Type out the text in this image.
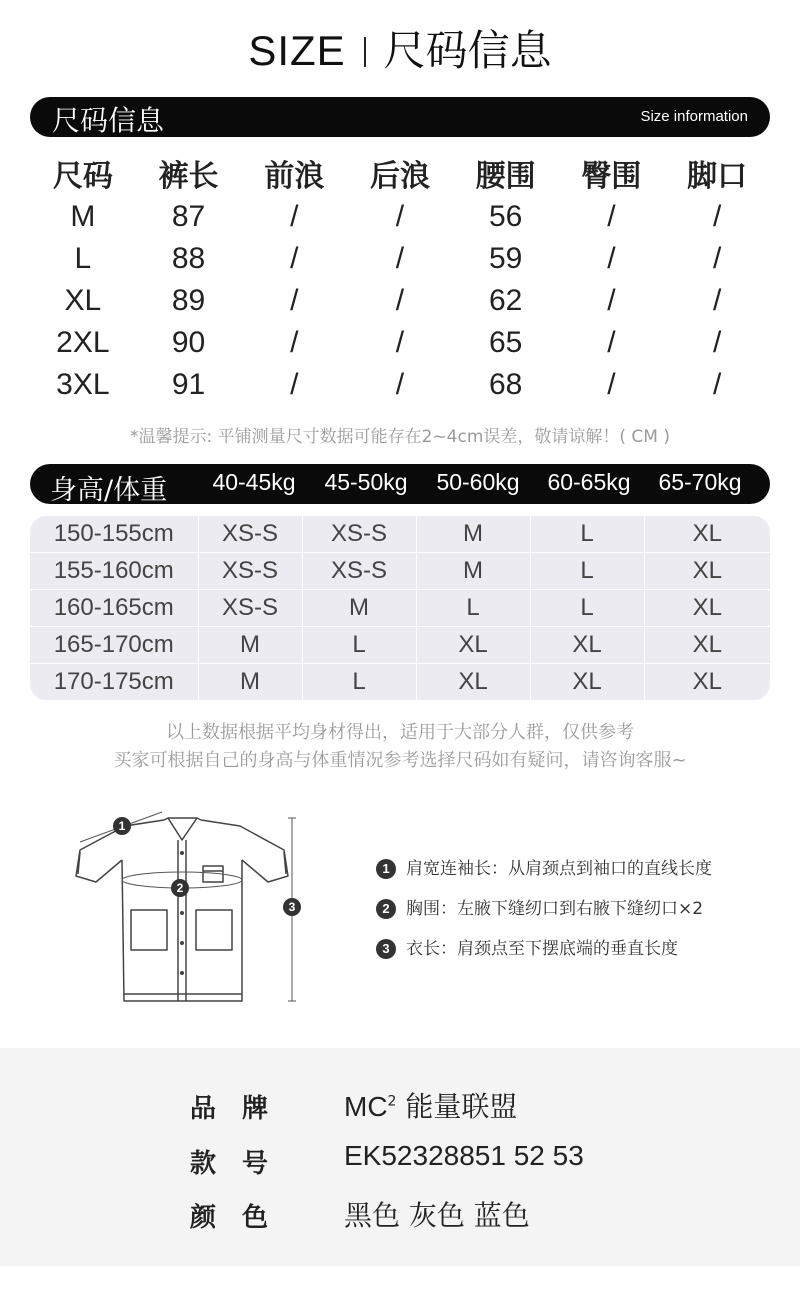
SIZE 尺码信息
尺码信息	Size information
尺码	裤长	前浪	后浪	腰围	臀围	脚口
M	87	/	/	56	/	/
L	88	/	/	59	/	/
XL	89	/	/	62	/	/
2XL	90	/	/	65	/	/
3XL	91	/	/	68	/	/
*温馨提示: 平铺测量尺寸数据可能存在2~4cm误差，敬请谅解！( CM )
身高/体重	40-45kg	45-50kg	50-60kg	60-65kg	65-70kg
150-155cm	XS-S	XS-S	M	L	XL
155-160cm	XS-S	XS-S	M	L	XL
160-165cm	XS-S	M	L	L	XL
165-170cm	M	L	XL	XL	XL
170-175cm	M	L	XL	XL	XL
以上数据根据平均身材得出，适用于大部分人群，仅供参考
买家可根据自己的身高与体重情况参考选择尺码如有疑问，请咨询客服~
1
2
3
1 肩宽连袖长：从肩颈点到袖口的直线长度
2 胸围：左腋下缝纫口到右腋下缝纫口×2
3 衣长：肩颈点至下摆底端的垂直长度
品牌 $MC^2$ 能量联盟
款号 EK52328851 52 53
颜色 黑色 灰色 蓝色
